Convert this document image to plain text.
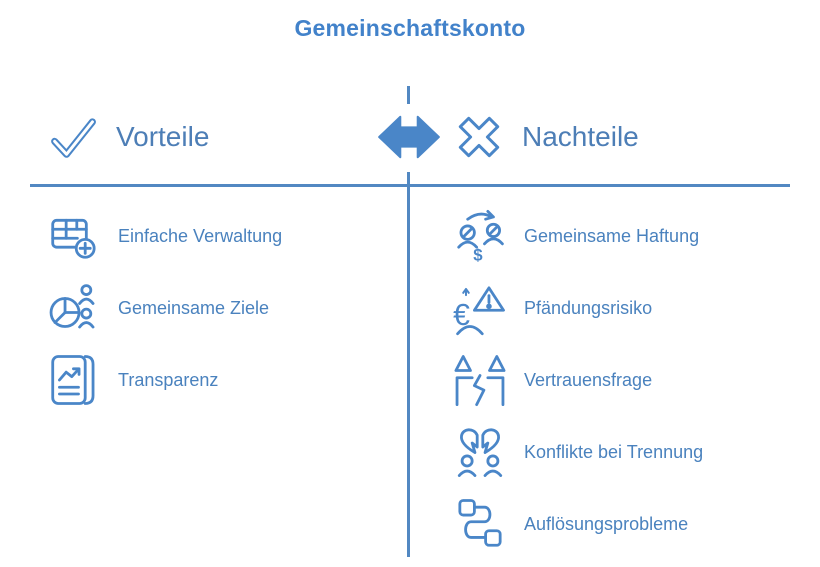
Gemeinschaftskonto
Vorteile	Nachteile
Einfache Verwaltung
Gemeinsame Ziele
Transparenz
$
Gemeinsame Haftung
€	Pfändungsrisiko
Vertrauensfrage
Konflikte bei Trennung
Auflösungsprobleme
